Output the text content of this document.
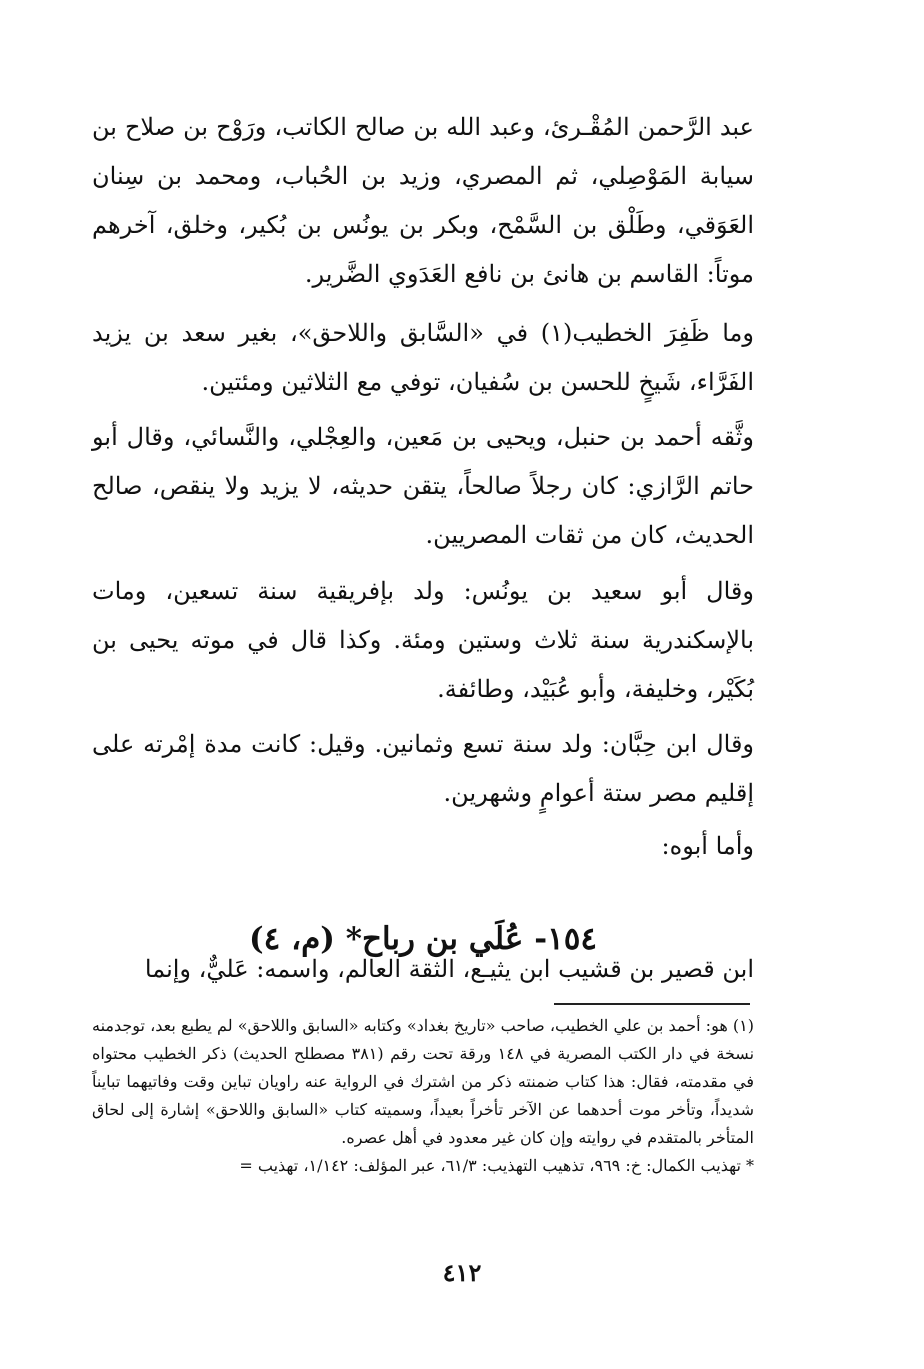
عبد الرَّحمن المُقْـرئ، وعبد الله بن صالح الكاتب، ورَوْح بن صلاح بن سيابة المَوْصِلي، ثم المصري، وزيد بن الحُباب، ومحمد بن سِنان العَوَقي، وطَلْق بن السَّمْح، وبكر بن يونُس بن بُكير، وخلق، آخرهم موتاً: القاسم بن هانئ بن نافع العَدَوي الضَّرير.

وما ظَفِرَ الخطيب(١) في «السَّابق واللاحق»، بغير سعد بن يزيد الفَرَّاء، شَيخٍ للحسن بن سُفيان، توفي مع الثلاثين ومئتين.

وثَّقه أحمد بن حنبل، ويحيى بن مَعين، والعِجْلي، والنَّسائي، وقال أبو حاتم الرَّازي: كان رجلاً صالحاً، يتقن حديثه، لا يزيد ولا ينقص، صالح الحديث، كان من ثقات المصريين.

وقال أبو سعيد بن يونُس: ولد بإفريقية سنة تسعين، ومات بالإسكندرية سنة ثلاث وستين ومئة. وكذا قال في موته يحيى بن بُكَيْر، وخليفة، وأبو عُبَيْد، وطائفة.

وقال ابن حِبَّان: ولد سنة تسع وثمانين. وقيل: كانت مدة إمْرته على إقليم مصر ستة أعوامٍ وشهرين.

وأما أبوه:

١٥٤- عُلَي بن رباح* (م، ٤)

ابن قصير بن قشيب ابن يثيـع، الثقة العالم، واسمه: عَليٌّ، وإنما

(١) هو: أحمد بن علي الخطيب، صاحب «تاريخ بغداد» وكتابه «السابق واللاحق» لم يطبع بعد، توجدمنه نسخة في دار الكتب المصرية في ١٤٨ ورقة تحت رقم (٣٨١ مصطلح الحديث) ذكر الخطيب محتواه في مقدمته، فقال: هذا كتاب ضمنته ذكر من اشترك في الرواية عنه راويان تباين وقت وفاتيهما تبايناً شديداً، وتأخر موت أحدهما عن الآخر تأخراً بعيداً، وسميته كتاب «السابق واللاحق» إشارة إلى لحاق المتأخر بالمتقدم في روايته وإن كان غير معدود في أهل عصره.

* تهذيب الكمال: خ: ٩٦٩، تذهيب التهذيب: ٦١/٣، عبر المؤلف: ١/١٤٢، تهذيب =

٤١٢
